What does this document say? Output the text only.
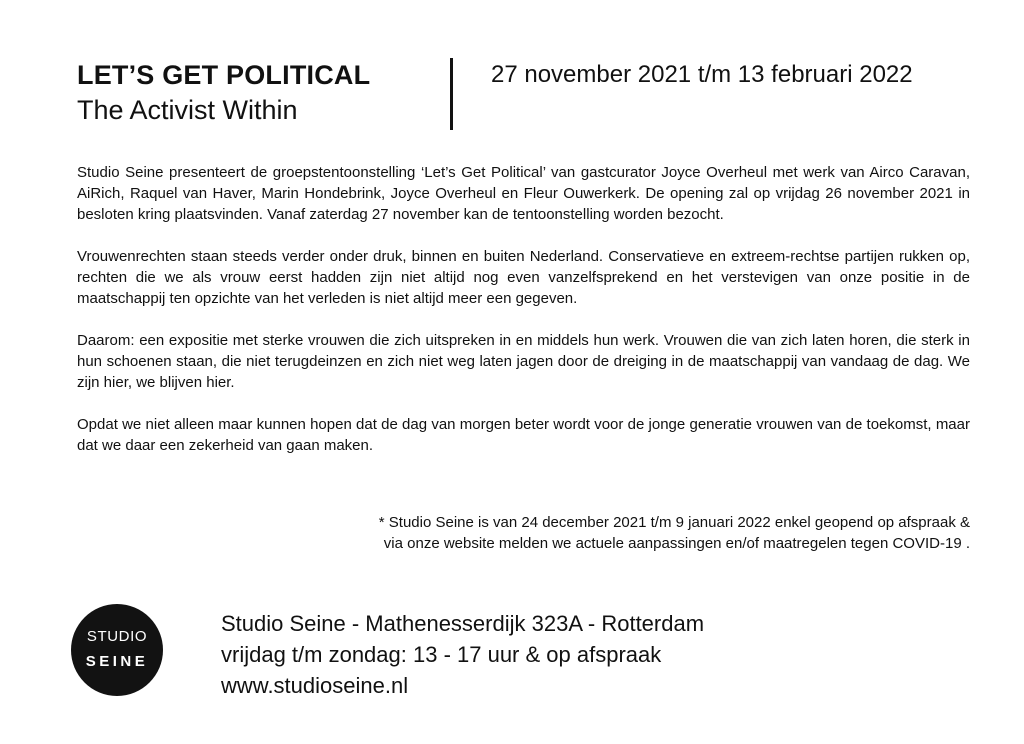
LET’S GET POLITICAL
The Activist Within
27 november 2021 t/m 13 februari 2022

Studio Seine presenteert de groepstentoonstelling ‘Let’s Get Political’ van gastcurator Joyce Overheul met werk van Airco Caravan, AiRich, Raquel van Haver, Marin Hondebrink, Joyce Overheul en Fleur Ouwerkerk. De opening zal op vrijdag 26 november 2021 in besloten kring plaatsvinden. Vanaf zaterdag 27 november kan de tentoonstelling worden bezocht.

Vrouwenrechten staan steeds verder onder druk, binnen en buiten Nederland. Conservatieve en extreem-rechtse partijen rukken op, rechten die we als vrouw eerst hadden zijn niet altijd nog even vanzelfsprekend en het verstevigen van onze positie in de maatschappij ten opzichte van het verleden is niet altijd meer een gegeven.

Daarom: een expositie met sterke vrouwen die zich uitspreken in en middels hun werk. Vrouwen die van zich laten horen, die sterk in hun schoenen staan, die niet terugdeinzen en zich niet weg laten jagen door de dreiging in de maatschappij van vandaag de dag. We zijn hier, we blijven hier.

Opdat we niet alleen maar kunnen hopen dat de dag van morgen beter wordt voor de jonge generatie vrouwen van de toekomst, maar dat we daar een zekerheid van gaan maken.

* Studio Seine is van 24 december 2021 t/m 9 januari 2022 enkel geopend op afspraak &
via onze website melden we actuele aanpassingen en/of maatregelen tegen COVID-19 .
STUDIO
SEINE
Studio Seine - Mathenesserdijk 323A - Rotterdam
vrijdag t/m zondag: 13 - 17 uur & op afspraak
www.studioseine.nl
